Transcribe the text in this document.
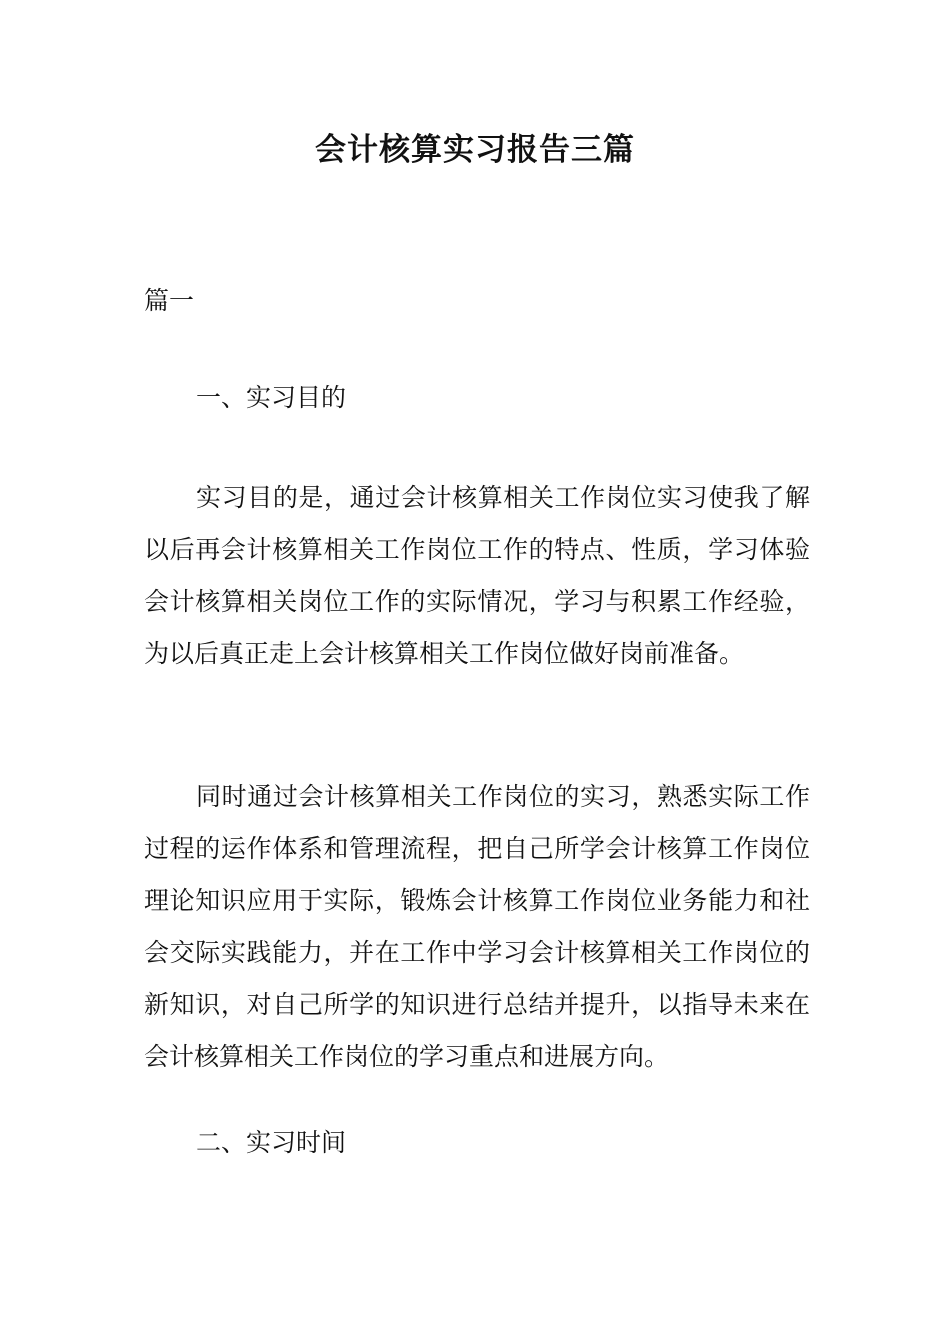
会计核算实习报告三篇

篇一

一、实习目的

实习目的是，通过会计核算相关工作岗位实习使我了解以后再会计核算相关工作岗位工作的特点、性质，学习体验会计核算相关岗位工作的实际情况，学习与积累工作经验，为以后真正走上会计核算相关工作岗位做好岗前准备。

同时通过会计核算相关工作岗位的实习，熟悉实际工作过程的运作体系和管理流程，把自己所学会计核算工作岗位理论知识应用于实际，锻炼会计核算工作岗位业务能力和社会交际实践能力，并在工作中学习会计核算相关工作岗位的新知识，对自己所学的知识进行总结并提升，以指导未来在会计核算相关工作岗位的学习重点和进展方向。

二、实习时间
